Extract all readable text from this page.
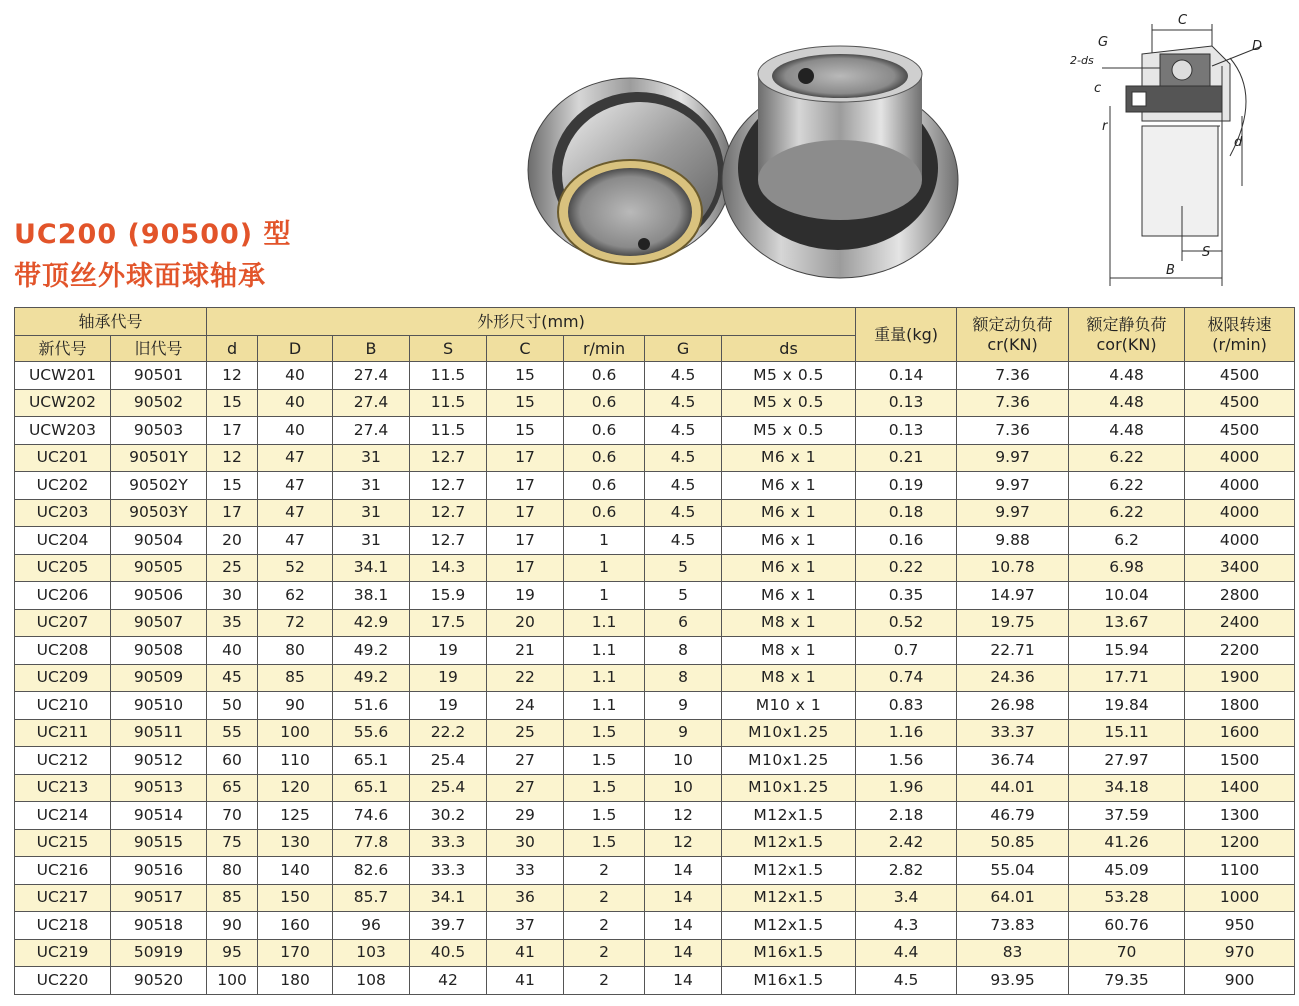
UC200 (90500) 型
带顶丝外球面球轴承
C
G
2-ds
D
c
r
d
S
B
轴承代号		外形尺寸(mm)								重量(kg)	额定动负荷 cr(KN)	额定静负荷 cor(KN)	极限转速 (r/min)
新代号	旧代号	d	D	B	S	C	r/min	G	ds				
UCW201	90501	12	40	27.4	11.5	15	0.6	4.5	M5 x 0.5	0.14	7.36	4.48	4500
UCW202	90502	15	40	27.4	11.5	15	0.6	4.5	M5 x 0.5	0.13	7.36	4.48	4500
UCW203	90503	17	40	27.4	11.5	15	0.6	4.5	M5 x 0.5	0.13	7.36	4.48	4500
UC201	90501Y	12	47	31	12.7	17	0.6	4.5	M6 x 1	0.21	9.97	6.22	4000
UC202	90502Y	15	47	31	12.7	17	0.6	4.5	M6 x 1	0.19	9.97	6.22	4000
UC203	90503Y	17	47	31	12.7	17	0.6	4.5	M6 x 1	0.18	9.97	6.22	4000
UC204	90504	20	47	31	12.7	17	1	4.5	M6 x 1	0.16	9.88	6.2	4000
UC205	90505	25	52	34.1	14.3	17	1	5	M6 x 1	0.22	10.78	6.98	3400
UC206	90506	30	62	38.1	15.9	19	1	5	M6 x 1	0.35	14.97	10.04	2800
UC207	90507	35	72	42.9	17.5	20	1.1	6	M8 x 1	0.52	19.75	13.67	2400
UC208	90508	40	80	49.2	19	21	1.1	8	M8 x 1	0.7	22.71	15.94	2200
UC209	90509	45	85	49.2	19	22	1.1	8	M8 x 1	0.74	24.36	17.71	1900
UC210	90510	50	90	51.6	19	24	1.1	9	M10 x 1	0.83	26.98	19.84	1800
UC211	90511	55	100	55.6	22.2	25	1.5	9	M10x1.25	1.16	33.37	15.11	1600
UC212	90512	60	110	65.1	25.4	27	1.5	10	M10x1.25	1.56	36.74	27.97	1500
UC213	90513	65	120	65.1	25.4	27	1.5	10	M10x1.25	1.96	44.01	34.18	1400
UC214	90514	70	125	74.6	30.2	29	1.5	12	M12x1.5	2.18	46.79	37.59	1300
UC215	90515	75	130	77.8	33.3	30	1.5	12	M12x1.5	2.42	50.85	41.26	1200
UC216	90516	80	140	82.6	33.3	33	2	14	M12x1.5	2.82	55.04	45.09	1100
UC217	90517	85	150	85.7	34.1	36	2	14	M12x1.5	3.4	64.01	53.28	1000
UC218	90518	90	160	96	39.7	37	2	14	M12x1.5	4.3	73.83	60.76	950
UC219	50919	95	170	103	40.5	41	2	14	M16x1.5	4.4	83	70	970
UC220	90520	100	180	108	42	41	2	14	M16x1.5	4.5	93.95	79.35	900
